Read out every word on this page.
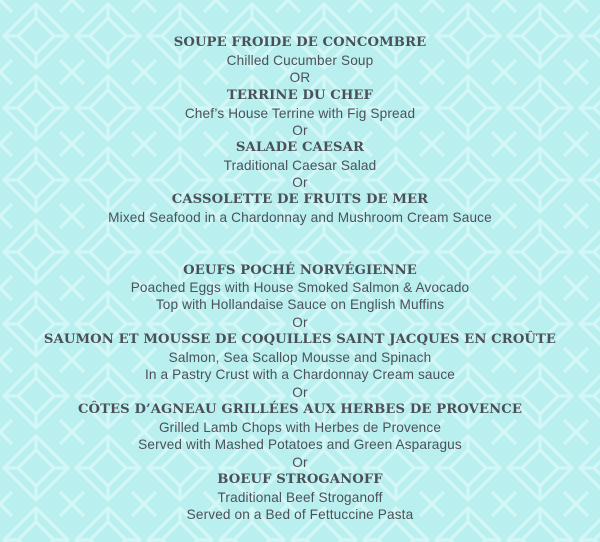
SOUPE FROIDE DE CONCOMBRE
Chilled Cucumber Soup
OR
TERRINE DU CHEF
Chef’s House Terrine with Fig Spread
Or
SALADE CAESAR
Traditional Caesar Salad
Or
CASSOLETTE DE FRUITS DE MER
Mixed Seafood in a Chardonnay and Mushroom Cream Sauce
OEUFS POCHÉ NORVÉGIENNE
Poached Eggs with House Smoked Salmon & Avocado
Top with Hollandaise Sauce on English Muffins
Or
SAUMON ET MOUSSE DE COQUILLES SAINT JACQUES EN CROÛTE
Salmon, Sea Scallop Mousse and Spinach
In a Pastry Crust with a Chardonnay Cream sauce
Or
CÔTES D’AGNEAU GRILLÉES AUX HERBES DE PROVENCE
Grilled Lamb Chops with Herbes de Provence
Served with Mashed Potatoes and Green Asparagus
Or
BOEUF STROGANOFF
Traditional Beef Stroganoff
Served on a Bed of Fettuccine Pasta
